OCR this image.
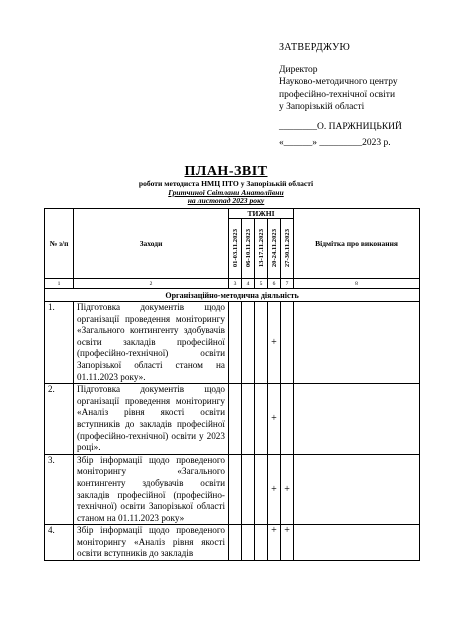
ЗАТВЕРДЖУЮ
Директор
Науково-методичного центру
професійно-технічної освіти
у Запорізькій області
________О. ПАРЖНИЦЬКИЙ
«______» _________2023 р.
ПЛАН-ЗВІТ
роботи методиста НМЦ ПТО у Запорізькій області
Гритчиної Світлани Анатоліївни
на листопад 2023 року
№ з/п	Заходи	ТИЖНІ					Відмітка про виконання

		01-03.11.2023	06-10.11.2023	13-17.11.2023	20-24.11.2023	27-30.11.2023	

1	2	3	4	5	6	7	8
Організаційно-методична діяльність							
1.	Підготовка документів щодо організації проведення моніторингу «Загального контингенту здобувачів освіти закладів професійної (професійно-технічної) освіти Запорізької області станом на 01.11.2023 року».				+		
2.	Підготовка документів щодо організації проведення моніторингу «Аналіз рівня якості освіти вступників до закладів професійної (професійно-технічної) освіти у 2023 році».				+		
3.	Збір інформації щодо проведеного моніторингу «Загального контингенту здобувачів освіти закладів професійної (професійно-технічної) освіти Запорізької області станом на 01.11.2023 року»				+	+	
4.	Збір інформації щодо проведеного моніторингу «Аналіз рівня якості освіти вступників до закладів				+	+	
